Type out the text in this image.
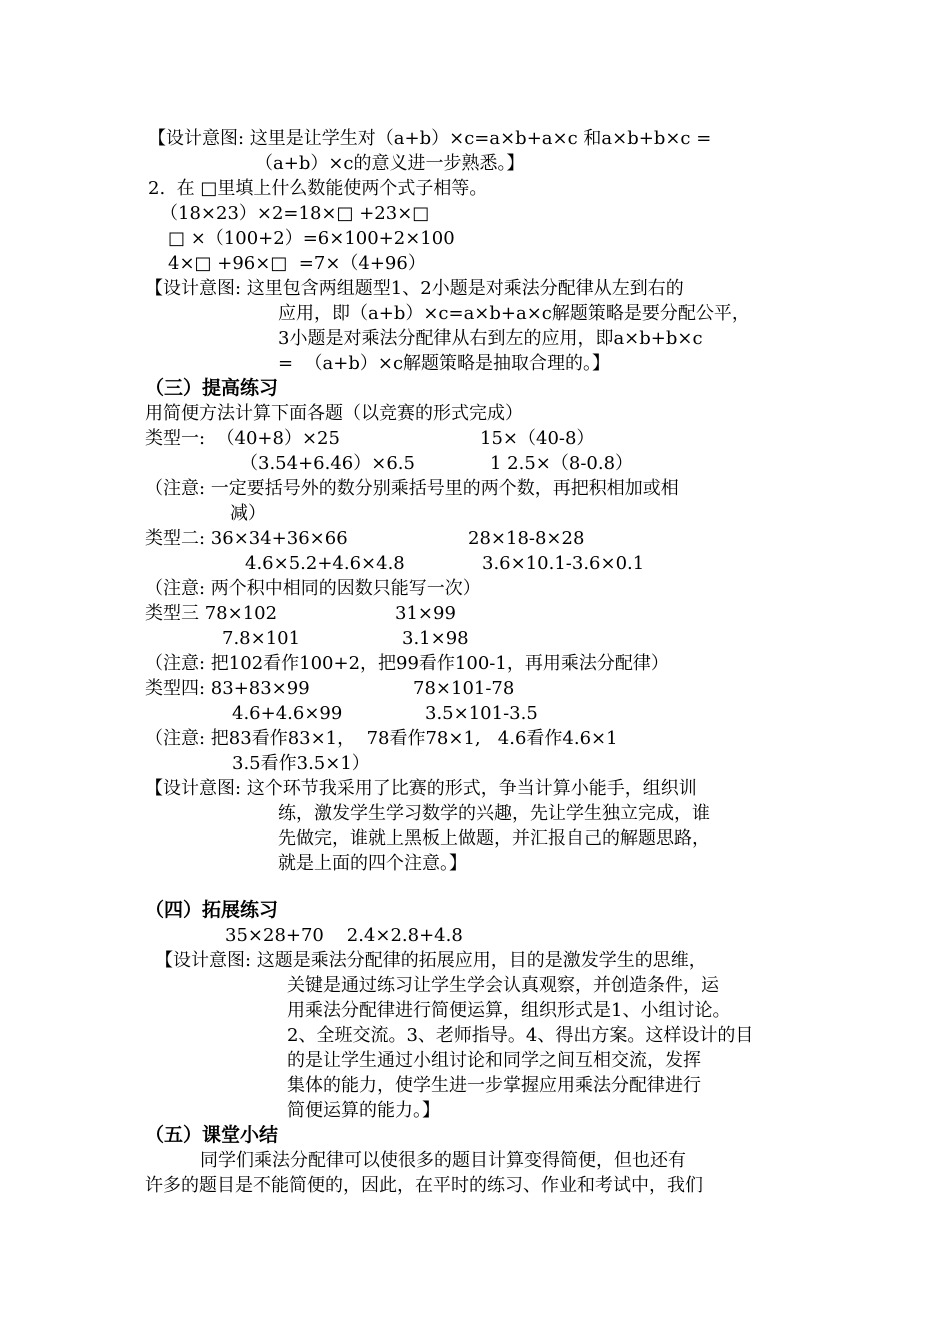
【设计意图: 这里是让学生对（a+b）×c=a×b+a×c 和a×b+b×c =
（a+b）×c的意义进一步熟悉。】
2.  在 □里填上什么数能使两个式子相等。
（18×23）×2=18×□ +23×□
□ ×（100+2）=6×100+2×100
4×□ +96×□  =7×（4+96）
【设计意图: 这里包含两组题型1、2小题是对乘法分配律从左到右的
应用，即（a+b）×c=a×b+a×c解题策略是要分配公平，
3小题是对乘法分配律从右到左的应用，即a×b+b×c
=  （a+b）×c解题策略是抽取合理的。】
（三）提高练习
用简便方法计算下面各题（以竞赛的形式完成）
类型一:  （40+8）×25	15×（40-8）
（3.54+6.46）×6.5	1 2.5×（8-0.8）
（注意: 一定要括号外的数分别乘括号里的两个数，再把积相加或相
减）
类型二: 36×34+36×66	28×18-8×28
4.6×5.2+4.6×4.8	3.6×10.1-3.6×0.1
（注意: 两个积中相同的因数只能写一次）
类型三 78×102	31×99
7.8×101	3.1×98
（注意: 把102看作100+2，把99看作100-1，再用乘法分配律）
类型四: 83+83×99	78×101-78
4.6+4.6×99	3.5×101-3.5
（注意: 把83看作83×1，  78看作78×1,   4.6看作4.6×1
3.5看作3.5×1）
【设计意图: 这个环节我采用了比赛的形式，争当计算小能手，组织训
练，激发学生学习数学的兴趣，先让学生独立完成，谁
先做完，谁就上黑板上做题，并汇报自己的解题思路，
就是上面的四个注意。】
（四）拓展练习
35×28+70    2.4×2.8+4.8
【设计意图: 这题是乘法分配律的拓展应用，目的是激发学生的思维，
关键是通过练习让学生学会认真观察，并创造条件，运
用乘法分配律进行简便运算，组织形式是1、小组讨论。
2、全班交流。3、老师指导。4、得出方案。这样设计的目
的是让学生通过小组讨论和同学之间互相交流，发挥
集体的能力，使学生进一步掌握应用乘法分配律进行
简便运算的能力。】
（五）课堂小结
同学们乘法分配律可以使很多的题目计算变得简便，但也还有
许多的题目是不能简便的，因此，在平时的练习、作业和考试中，我们
